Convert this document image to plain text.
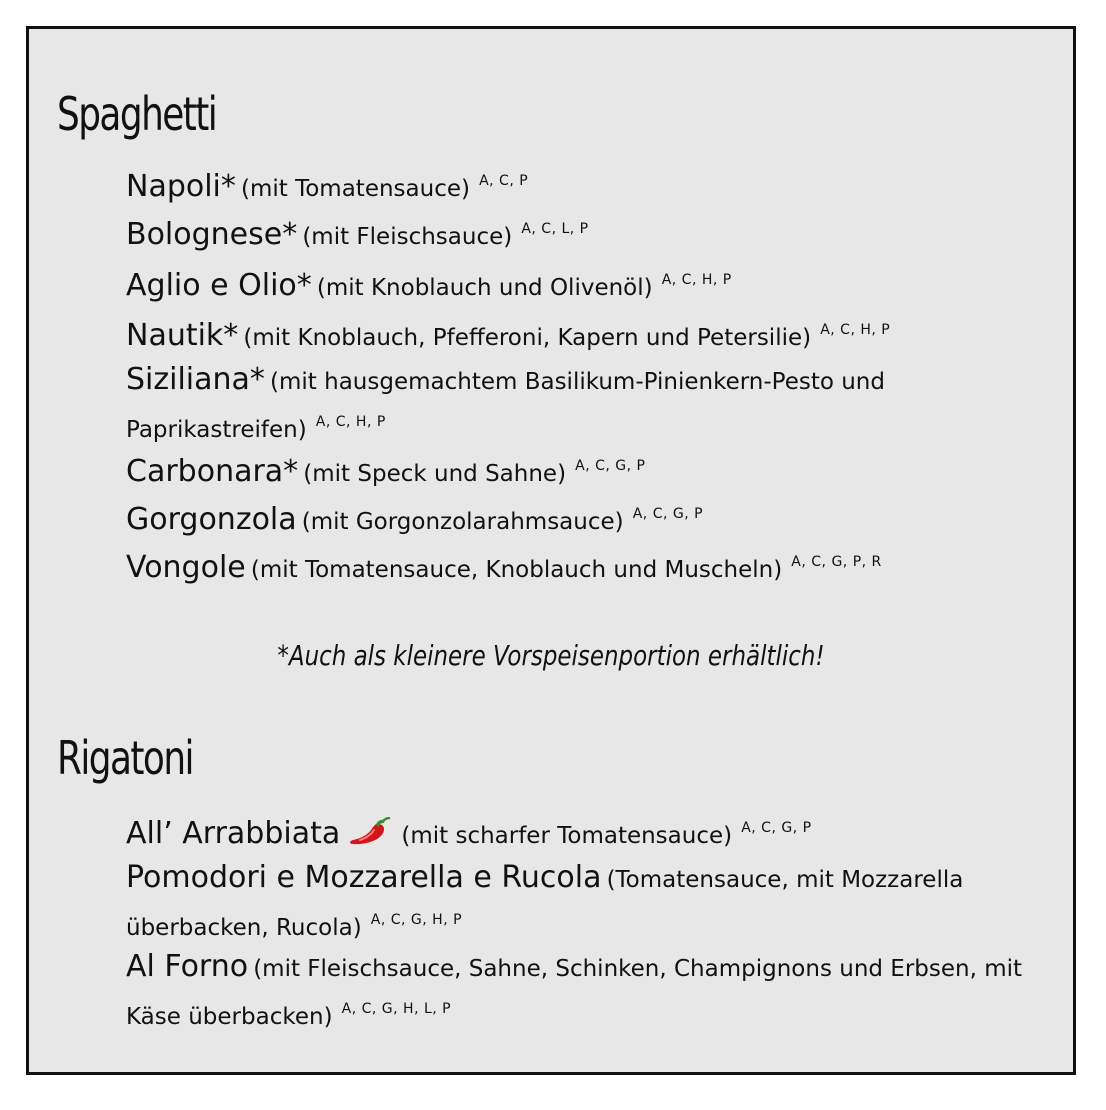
Spaghetti

Napoli* (mit Tomatensauce) A, C, P

Bolognese* (mit Fleischsauce) A, C, L, P

Aglio e Olio* (mit Knoblauch und Olivenöl) A, C, H, P

Nautik* (mit Knoblauch, Pfefferoni, Kapern und Petersilie) A, C, H, P

Siziliana* (mit hausgemachtem Basilikum-Pinienkern-Pesto und Paprikastreifen) A, C, H, P

Carbonara* (mit Speck und Sahne) A, C, G, P

Gorgonzola (mit Gorgonzolarahmsauce) A, C, G, P

Vongole (mit Tomatensauce, Knoblauch und Muscheln) A, C, G, P, R

*Auch als kleinere Vorspeisenportion erhältlich!

Rigatoni

All’ Arrabbiata	(mit scharfer Tomatensauce) A, C, G, P

Pomodori e Mozzarella e Rucola (Tomatensauce, mit Mozzarella überbacken, Rucola) A, C, G, H, P

Al Forno (mit Fleischsauce, Sahne, Schinken, Champignons und Erbsen, mit Käse überbacken) A, C, G, H, L, P
